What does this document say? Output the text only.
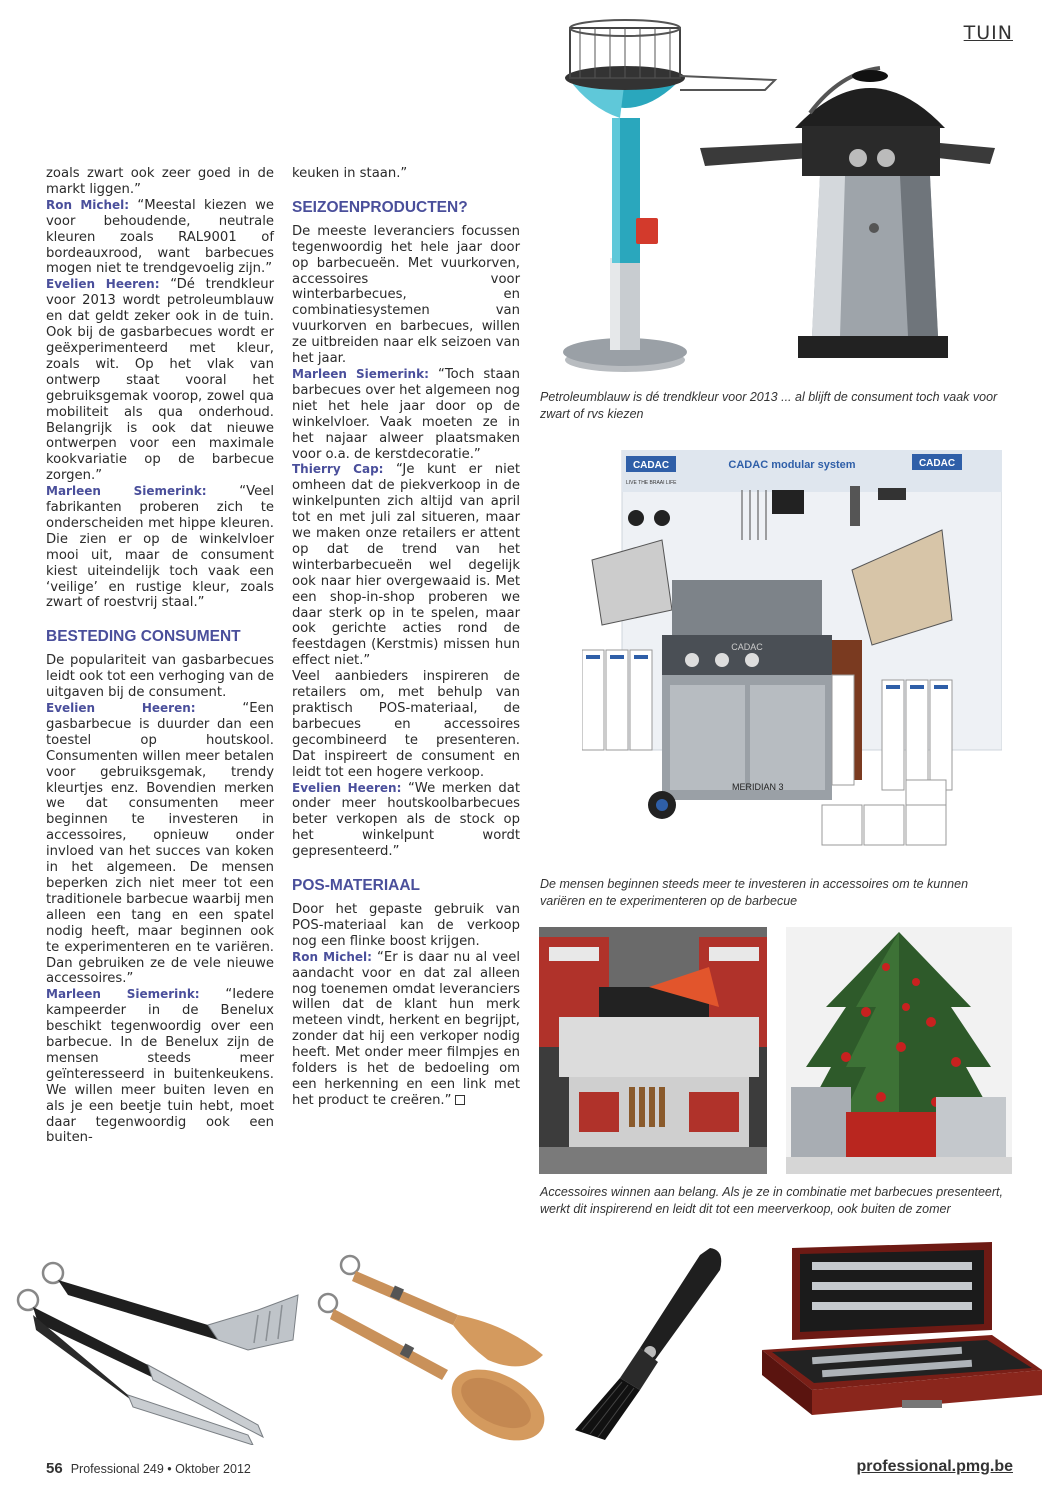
TUIN
Petroleumblauw is dé trendkleur voor 2013 ... al blijft de consument toch vaak voor zwart of rvs kiezen
CADAC
LIVE THE BRAAI LIFE
CADAC modular system	CADAC
CADAC
MERIDIAN 3
De mensen beginnen steeds meer te investeren in accessoires om te kunnen variëren en te experimenteren op de barbecue
Accessoires winnen aan belang. Als je ze in combinatie met barbecues presenteert, werkt dit inspirerend en leidt dit tot een meerverkoop, ook buiten de zomer

zoals zwart ook zeer goed in de markt liggen.”

Ron Michel: “Meestal kiezen we voor behoudende, neutrale kleuren zoals RAL9001 of bordeauxrood, want barbecues mogen niet te trendgevoelig zijn.”

Evelien Heeren: “Dé trendkleur voor 2013 wordt petroleumblauw en dat geldt zeker ook in de tuin. Ook bij de gasbarbecues wordt er geëxperimenteerd met kleur, zoals wit. Op het vlak van ontwerp staat vooral het gebruiksgemak voorop, zowel qua mobiliteit als qua onderhoud. Belangrijk is ook dat nieuwe ontwerpen voor een maximale kookvariatie op de barbecue zorgen.”

Marleen Siemerink: “Veel fabrikanten proberen zich te onderscheiden met hippe kleuren. Die zien er op de winkelvloer mooi uit, maar de consument kiest uiteindelijk toch vaak een ‘veilige’ en rustige kleur, zoals zwart of roestvrij staal.”

BESTEDING CONSUMENT

De populariteit van gasbarbecues leidt ook tot een verhoging van de uitgaven bij de consument.

Evelien Heeren: “Een gasbarbecue is duurder dan een toestel op houtskool. Consumenten willen meer betalen voor gebruiksgemak, trendy kleurtjes enz. Bovendien merken we dat consumenten meer beginnen te investeren in accessoires, opnieuw onder invloed van het succes van koken in het algemeen. De mensen beperken zich niet meer tot een traditionele barbecue waarbij men alleen een tang en een spatel nodig heeft, maar beginnen ook te experimenteren en te variëren. Dan gebruiken ze de vele nieuwe accessoires.”

Marleen Siemerink: “Iedere kampeerder in de Benelux beschikt tegenwoordig over een barbecue. In de Benelux zijn de mensen steeds meer geïnteresseerd in buitenkeukens. We willen meer buiten leven en als je een beetje tuin hebt, moet daar tegenwoordig ook een buiten-

keuken in staan.”

SEIZOENPRODUCTEN?

De meeste leveranciers focussen tegenwoordig het hele jaar door op barbecueën. Met vuurkorven, accessoires voor winterbarbecues, en combinatiesystemen van vuurkorven en barbecues, willen ze uitbreiden naar elk seizoen van het jaar.

Marleen Siemerink: “Toch staan barbecues over het algemeen nog niet het hele jaar door op de winkelvloer. Vaak moeten ze in het najaar alweer plaatsmaken voor o.a. de kerstdecoratie.”

Thierry Cap: “Je kunt er niet omheen dat de piekverkoop in de winkelpunten zich altijd van april tot en met juli zal situeren, maar we maken onze retailers er attent op dat de trend van het winterbarbecueën wel degelijk ook naar hier overgewaaid is. Met een shop-in-shop proberen we daar sterk op in te spelen, maar ook gerichte acties rond de feestdagen (Kerstmis) missen hun effect niet.”

Veel aanbieders inspireren de retailers om, met behulp van praktisch POS-materiaal, de barbecues en accessoires gecombineerd te presenteren. Dat inspireert de consument en leidt tot een hogere verkoop.

Evelien Heeren: “We merken dat onder meer houtskoolbarbecues beter verkopen als de stock op het winkelpunt wordt gepresenteerd.”

POS-MATERIAAL

Door het gepaste gebruik van POS-materiaal kan de verkoop nog een flinke boost krijgen.

Ron Michel: “Er is daar nu al veel aandacht voor en dat zal alleen nog toenemen omdat leveranciers willen dat de klant hun merk meteen vindt, herkent en begrijpt, zonder dat hij een verkoper nodig heeft. Met onder meer filmpjes en folders is het de bedoeling om een herkenning en een link met het product te creëren.”

56 Professional 249 • Oktober 2012	professional.pmg.be
